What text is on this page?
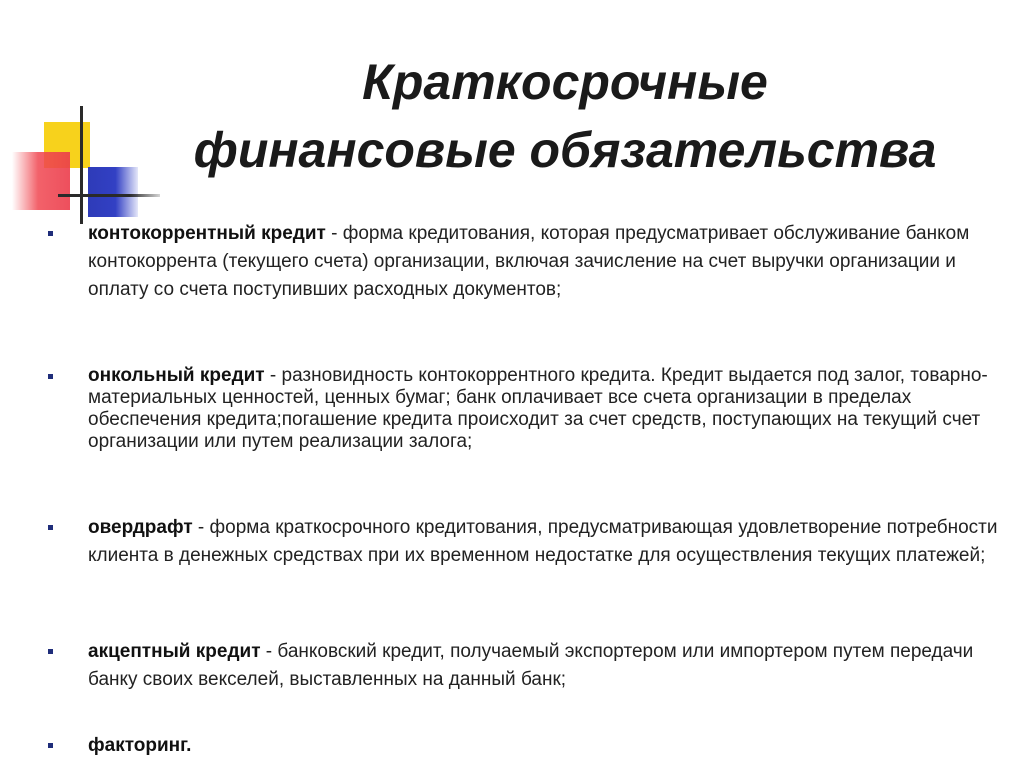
Краткосрочные
финансовые обязательства
контокоррентный кредит - форма кредитования, которая предусматривает обслуживание банком контокоррента (текущего счета) организации, включая зачисление на счет выручки организации и оплату со счета поступивших расходных документов;
онкольный кредит - разновидность контокоррентного кредита. Кредит выдается под залог, товарно-материальных ценностей, ценных бумаг; банк оплачивает все счета организации в пределах обеспечения кредита;погашение кредита происходит за счет средств, поступающих на текущий счет организации или путем реализации залога;
овердрафт - форма краткосрочного кредитования, предусматривающая удовлетворение потребности клиента в денежных средствах при их временном недостатке для осуществления текущих платежей;
акцептный кредит - банковский кредит, получаемый экспортером или импортером путем передачи банку своих векселей, выставленных на данный банк;
факторинг.
